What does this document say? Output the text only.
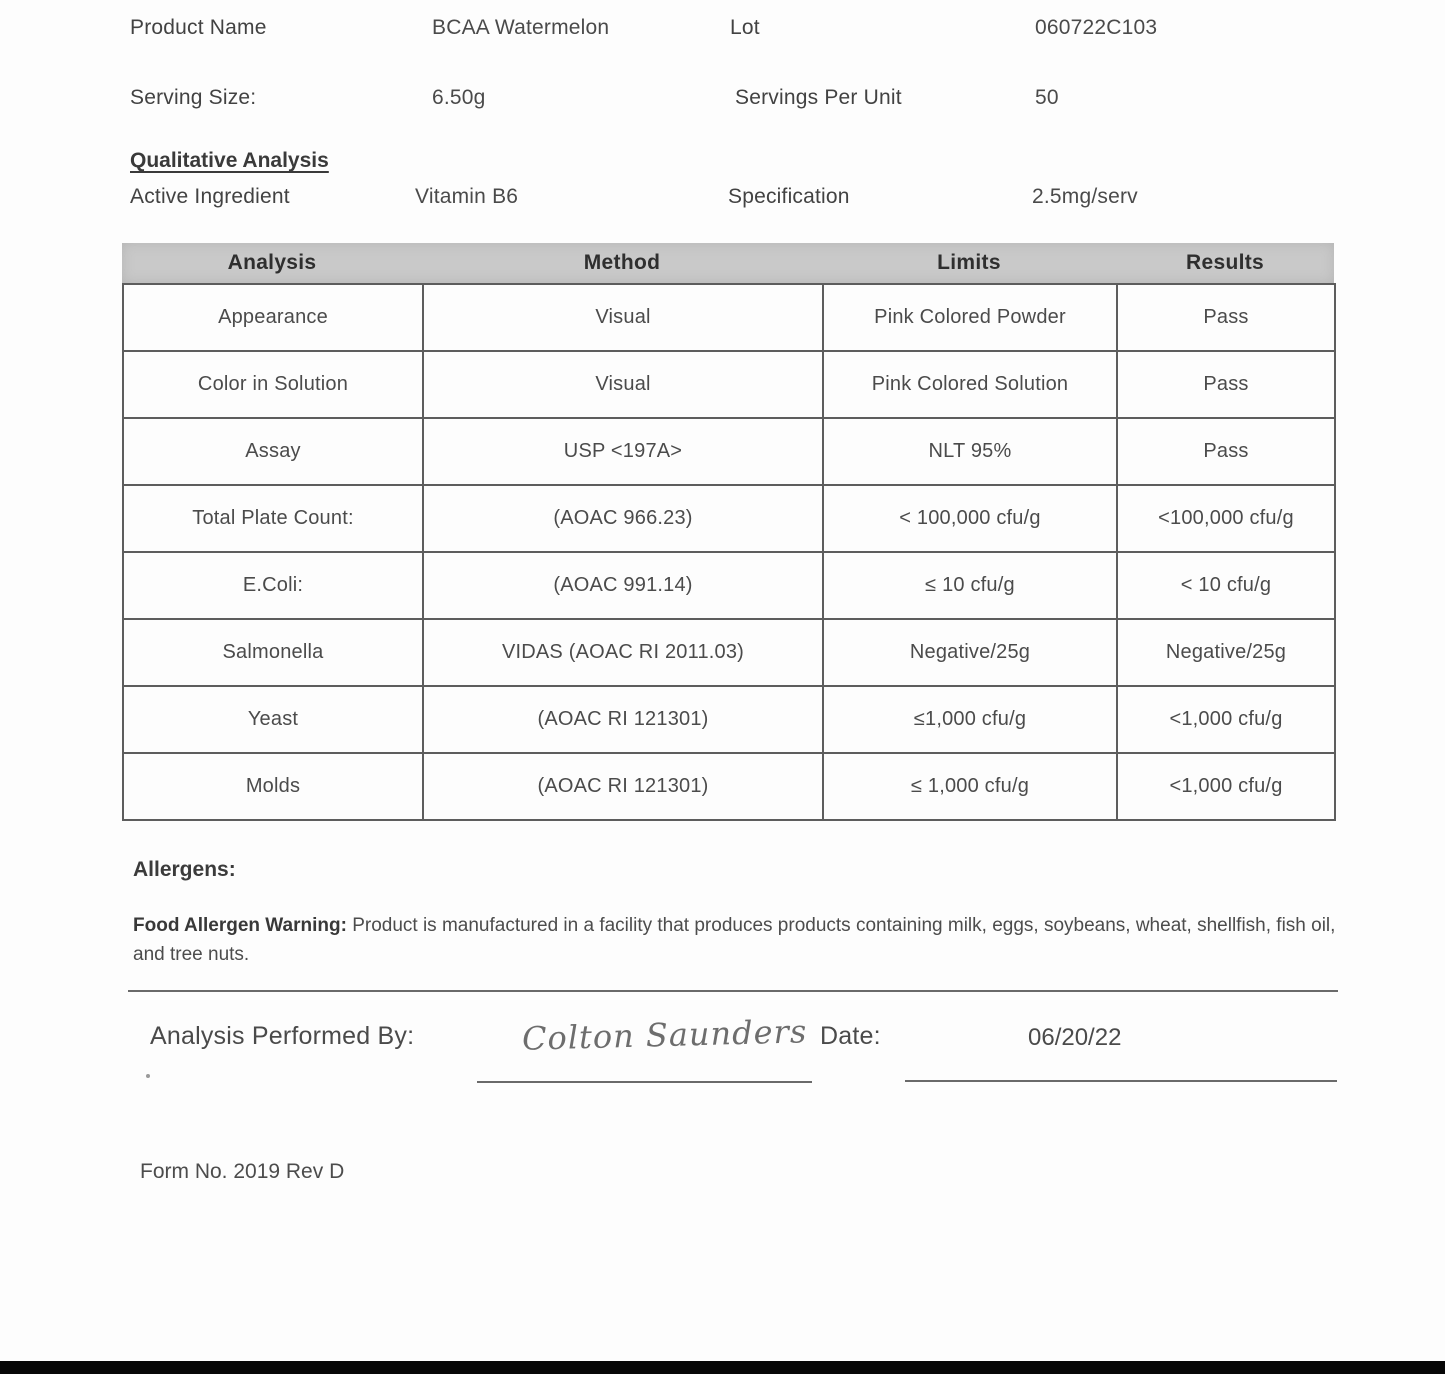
Product Name	BCAA Watermelon	Lot	060722C103
Serving Size:	6.50g	Servings Per Unit	50
Qualitative Analysis
Active Ingredient	Vitamin B6	Specification	2.5mg/serv
Analysis	Method	Limits	Results
Appearance	Visual	Pink Colored Powder	Pass
Color in Solution	Visual	Pink Colored Solution	Pass
Assay	USP <197A>	NLT 95%	Pass
Total Plate Count:	(AOAC 966.23)	< 100,000 cfu/g	<100,000 cfu/g
E.Coli:	(AOAC 991.14)	≤ 10 cfu/g	< 10 cfu/g
Salmonella	VIDAS (AOAC RI 2011.03)	Negative/25g	Negative/25g
Yeast	(AOAC RI 121301)	≤1,000 cfu/g	<1,000 cfu/g
Molds	(AOAC RI 121301)	≤ 1,000 cfu/g	<1,000 cfu/g
Allergens:

Food Allergen Warning: Product is manufactured in a facility that produces products containing milk, eggs, soybeans, wheat, shellfish, fish oil, and tree nuts.

Analysis Performed By:	Colton Saunders Date:	06/20/22
Form No. 2019 Rev D
